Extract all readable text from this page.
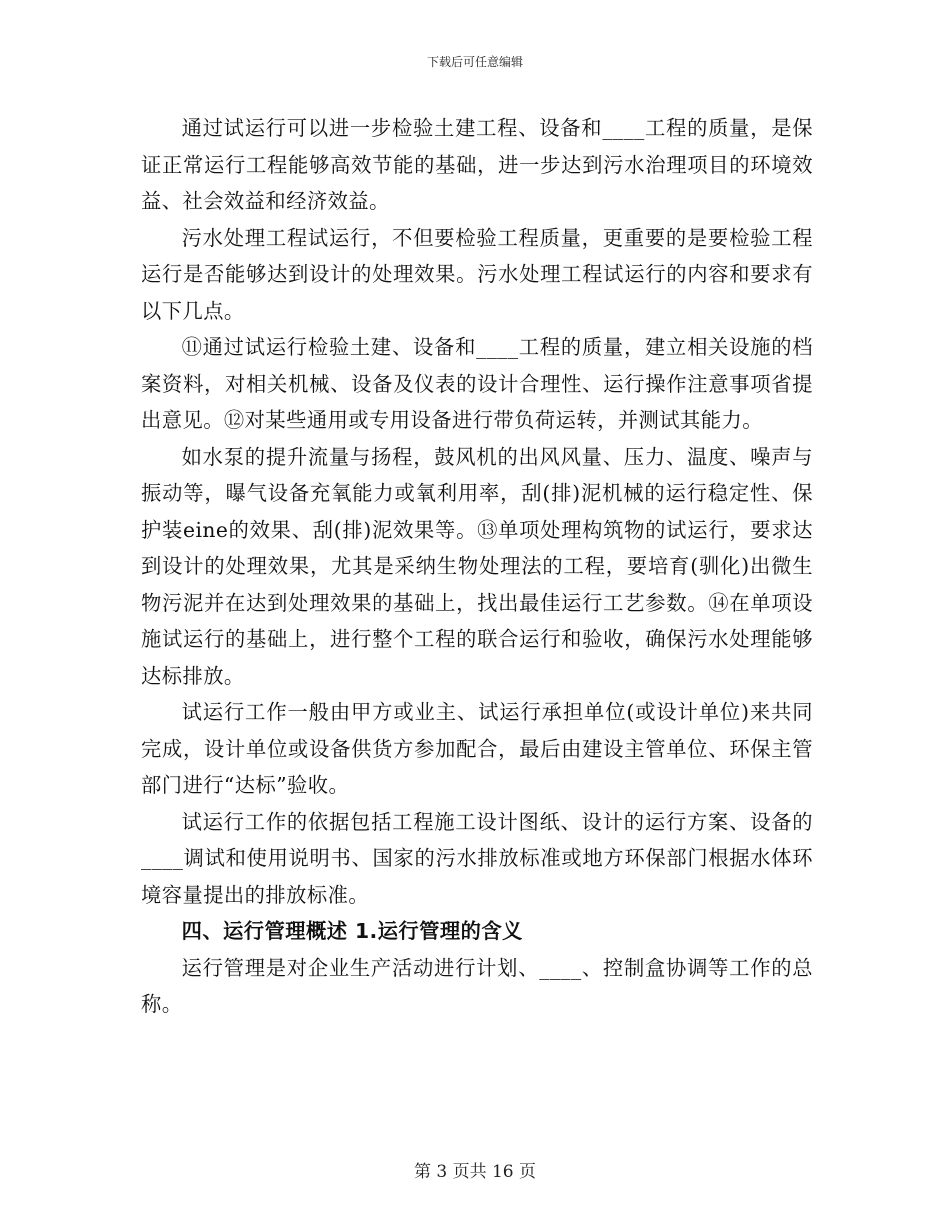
下载后可任意编辑

通过试运行可以进一步检验土建工程、设备和____工程的质量，是保证正常运行工程能够高效节能的基础，进一步达到污水治理项目的环境效益、社会效益和经济效益。

污水处理工程试运行，不但要检验工程质量，更重要的是要检验工程运行是否能够达到设计的处理效果。污水处理工程试运行的内容和要求有以下几点。

⑪通过试运行检验土建、设备和____工程的质量，建立相关设施的档案资料，对相关机械、设备及仪表的设计合理性、运行操作注意事项省提出意见。⑫对某些通用或专用设备进行带负荷运转，并测试其能力。

如水泵的提升流量与扬程，鼓风机的出风风量、压力、温度、噪声与振动等，曝气设备充氧能力或氧利用率，刮(排)泥机械的运行稳定性、保护装eine的效果、刮(排)泥效果等。⑬单项处理构筑物的试运行，要求达到设计的处理效果，尤其是采纳生物处理法的工程，要培育(驯化)出微生物污泥并在达到处理效果的基础上，找出最佳运行工艺参数。⑭在单项设施试运行的基础上，进行整个工程的联合运行和验收，确保污水处理能够达标排放。

试运行工作一般由甲方或业主、试运行承担单位(或设计单位)来共同完成，设计单位或设备供货方参加配合，最后由建设主管单位、环保主管部门进行“达标”验收。

试运行工作的依据包括工程施工设计图纸、设计的运行方案、设备的____调试和使用说明书、国家的污水排放标准或地方环保部门根据水体环境容量提出的排放标准。

四、运行管理概述 1.运行管理的含义

运行管理是对企业生产活动进行计划、____、控制盒协调等工作的总称。

第 3 页共 16 页
